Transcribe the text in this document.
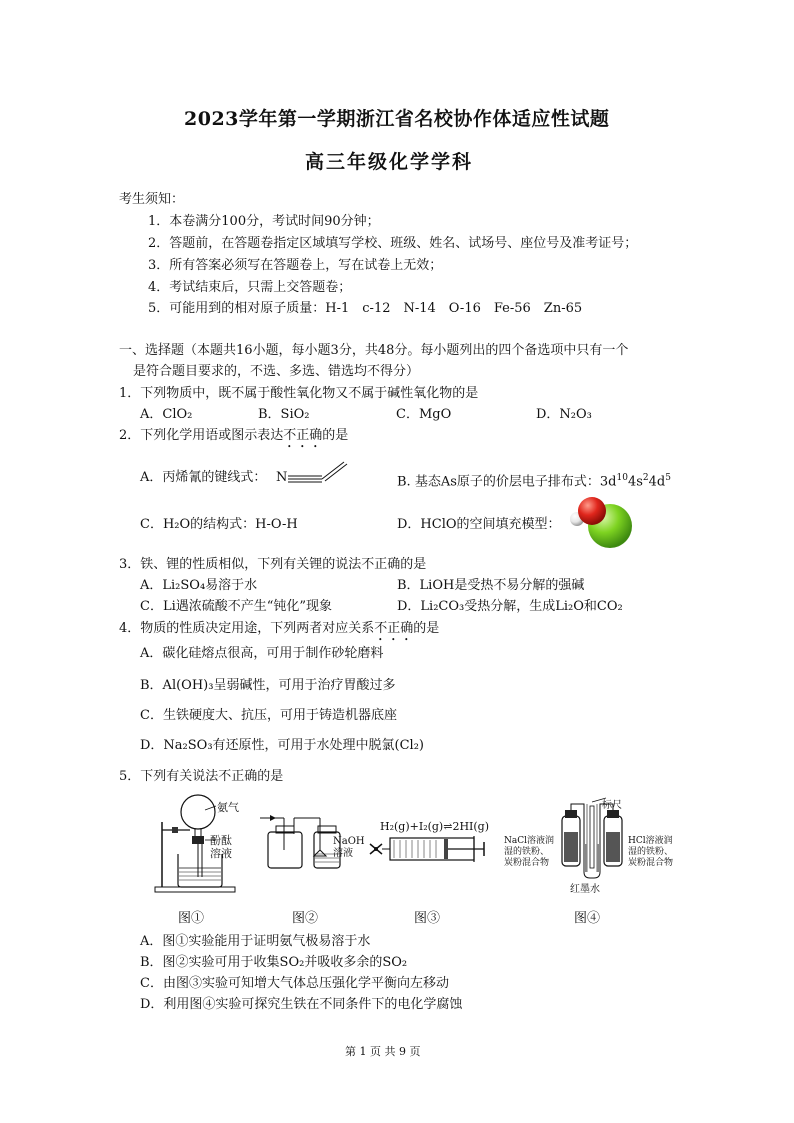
2023学年第一学期浙江省名校协作体适应性试题
高三年级化学学科
考生须知：
1．本卷满分100分，考试时间90分钟；
2．答题前，在答题卷指定区域填写学校、班级、姓名、试场号、座位号及准考证号；
3．所有答案必须写在答题卷上，写在试卷上无效；
4．考试结束后，只需上交答题卷；
5．可能用到的相对原子质量：H-1　c-12　N-14　O-16　Fe-56　Zn-65
一、选择题（本题共16小题，每小题3分，共48分。每小题列出的四个备选项中只有一个
是符合题目要求的，不选、多选、错选均不得分）
1．下列物质中，既不属于酸性氧化物又不属于碱性氧化物的是
A．ClO₂	B．SiO₂	C．MgO	D．N₂O₃
2．下列化学用语或图示表达不正确的是
A．丙烯氰的键线式： N	B. 基态As原子的价层电子排布式：$3d^{10}4s^24d^5$
C．H₂O的结构式：H-O-H	D．HClO的空间填充模型：
3．铁、锂的性质相似，下列有关锂的说法不正确的是
A．Li₂SO₄易溶于水	B．LiOH是受热不易分解的强碱
C．Li遇浓硫酸不产生“钝化”现象	D．Li₂CO₃受热分解，生成Li₂O和CO₂
4．物质的性质决定用途，下列两者对应关系不正确的是
A．碳化硅熔点很高，可用于制作砂轮磨料
B．Al(OH)₃呈弱碱性，可用于治疗胃酸过多
C．生铁硬度大、抗压，可用于铸造机器底座
D．Na₂SO₃有还原性，可用于水处理中脱氯(Cl₂)
5．下列有关说法不正确的是
氨气
酚酞溶液
NaOH溶液
H₂(g)+I₂(g)⇌2HI(g)
标尺
NaCl溶液润湿的铁粉、炭粉混合物
HCl溶液润湿的铁粉、炭粉混合物
红墨水
图①	图②	图③	图④
A．图①实验能用于证明氨气极易溶于水
B．图②实验可用于收集SO₂并吸收多余的SO₂
C．由图③实验可知增大气体总压强化学平衡向左移动
D．利用图④实验可探究生铁在不同条件下的电化学腐蚀
第 1 页 共 9 页
